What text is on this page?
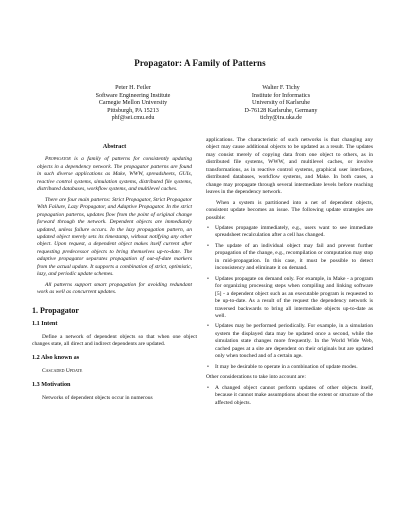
Propagator: A Family of Patterns
Peter H. Feiler
Software Engineering Institute
Carnegie Mellon University
Pittsburgh, PA 15213
phf@sei.cmu.edu
Walter F. Tichy
Institute for Informatics
University of Karlsruhe
D-76128 Karlsruhe, Germany
tichy@ira.uka.de
Abstract

Propagator is a family of patterns for consistently updating objects in a dependency network. The propagator patterns are found in such diverse applications as Make, WWW, spreadsheets, GUIs, reactive control systems, simulation systems, distributed file systems, distributed databases, workflow systems, and multilevel caches.

There are four main patterns: Strict Propagator, Strict Propagator With Failure, Lazy Propagator, and Adaptive Propagator. In the strict propagation patterns, updates flow from the point of original change forward through the network. Dependent objects are immediately updated, unless failure occurs. In the lazy propagation pattern, an updated object merely sets its timestamp, without notifying any other object. Upon request, a dependent object makes itself current after requesting predecessor objects to bring themselves up-to-date. The adaptive propagator separates propagation of out-of-date markers from the actual update. It supports a combination of strict, optimistic, lazy, and periodic update schemes.

All patterns support smart propagation for avoiding redundant work as well as concurrent updates.

1. Propagator
1.1 Intent

Define a network of dependent objects so that when one object changes state, all direct and indirect dependents are updated.

1.2 Also known as

Cascaded Update

1.3 Motivation

Networks of dependent objects occur in numerous

applications. The characteristic of such networks is that changing any object may cause additional objects to be updated as a result. The updates may consist merely of copying data from one object to others, as in distributed file systems, WWW, and multilevel caches, or involve transformations, as in reactive control systems, graphical user interfaces, distributed databases, workflow systems, and Make. In both cases, a change may propagate through several intermediate levels before reaching leaves in the dependency network.

When a system is partitioned into a net of dependent objects, consistent update becomes an issue. The following update strategies are possible:

• Updates propagate immediately, e.g., users want to see immediate spreadsheet recalculation after a cell has changed.
• The update of an individual object may fail and prevent further propagation of the change, e.g., recompilation or computation may stop in mid-propagation. In this case, it must be possible to detect inconsistency and eliminate it on demand.
• Updates propagate on demand only. For example, in Make - a program for organizing processing steps when compiling and linking software [5] - a dependent object such as an executable program is requested to be up-to-date. As a result of the request the dependency network is traversed backwards to bring all intermediate objects up-to-date as well.
• Updates may be performed periodically. For example, in a simulation system the displayed data may be updated once a second, while the simulation state changes more frequently. In the World Wide Web, cached pages at a site are dependent on their originals but are updated only when touched and of a certain age.
• It may be desirable to operate in a combination of update modes.

Other considerations to take into account are:

• A changed object cannot perform updates of other objects itself, because it cannot make assumptions about the extent or structure of the affected objects.
